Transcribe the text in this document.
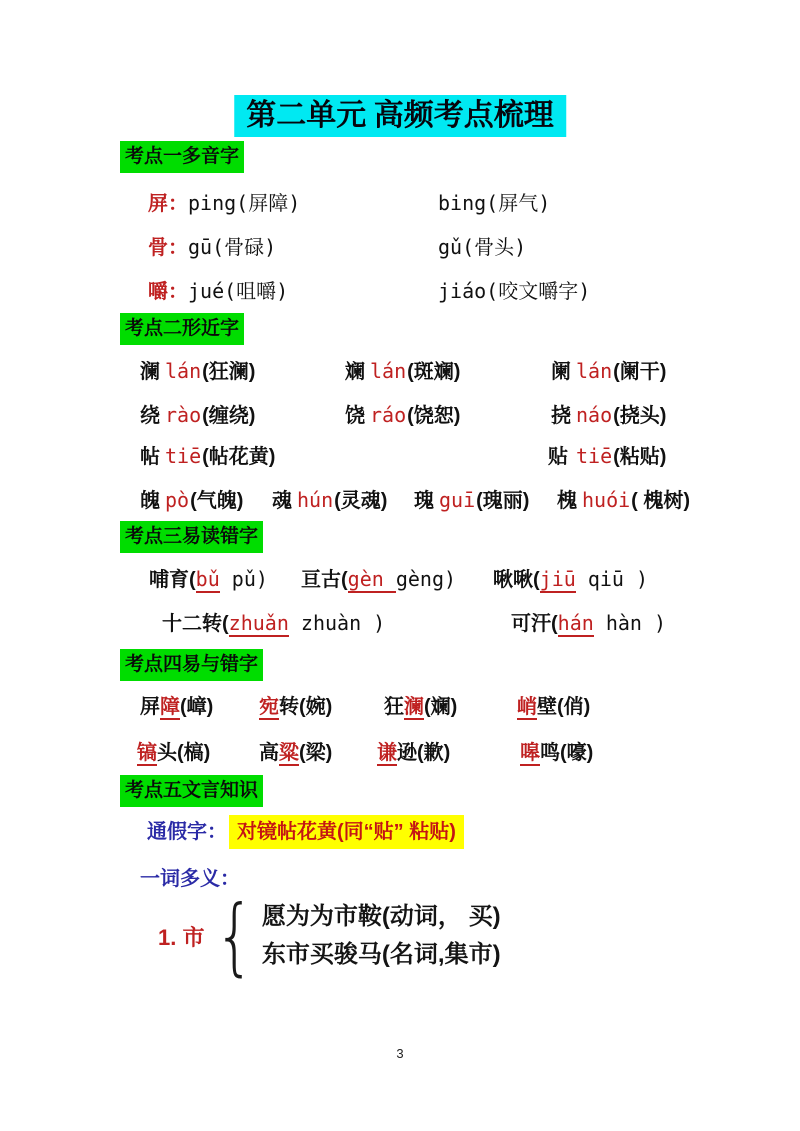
第二单元 高频考点梳理
考点一多音字
屏： ping(屏障)	bing(屏气)
骨： gū(骨碌)	gǔ(骨头)
嚼： jué(咀嚼)	jiáo(咬文嚼字)
考点二形近字
澜 lán(狂澜)	斓 lán(斑斓)	阑 lán(阑干)
绕 rào(缠绕)	饶 ráo(饶恕)	挠 náo(挠头)
帖 tiē(帖花黄)	贴 tiē(粘贴)
魄 pò(气魄)	魂 hún(灵魂)	瑰 guī(瑰丽)	槐 huói( 槐树)
考点三易读错字
哺育(bǔ pǔ)	亘古(gèn gèng)	啾啾(jiū qiū )
十二转(zhuǎn zhuàn )	可汗(hán hàn )
考点四易与错字
屏障(嶂)	宛转(婉)	狂澜(斓)	峭壁(俏)
镐头(槁)	高粱(梁)	谦逊(歉)	嗥鸣(嚎)
考点五文言知识
通假字： 对镜帖花黄(同“贴” 粘贴)
一词多义：
1. 市 { 愿为为市鞍(动词， 买)
东市买骏马(名词,集市)
3
